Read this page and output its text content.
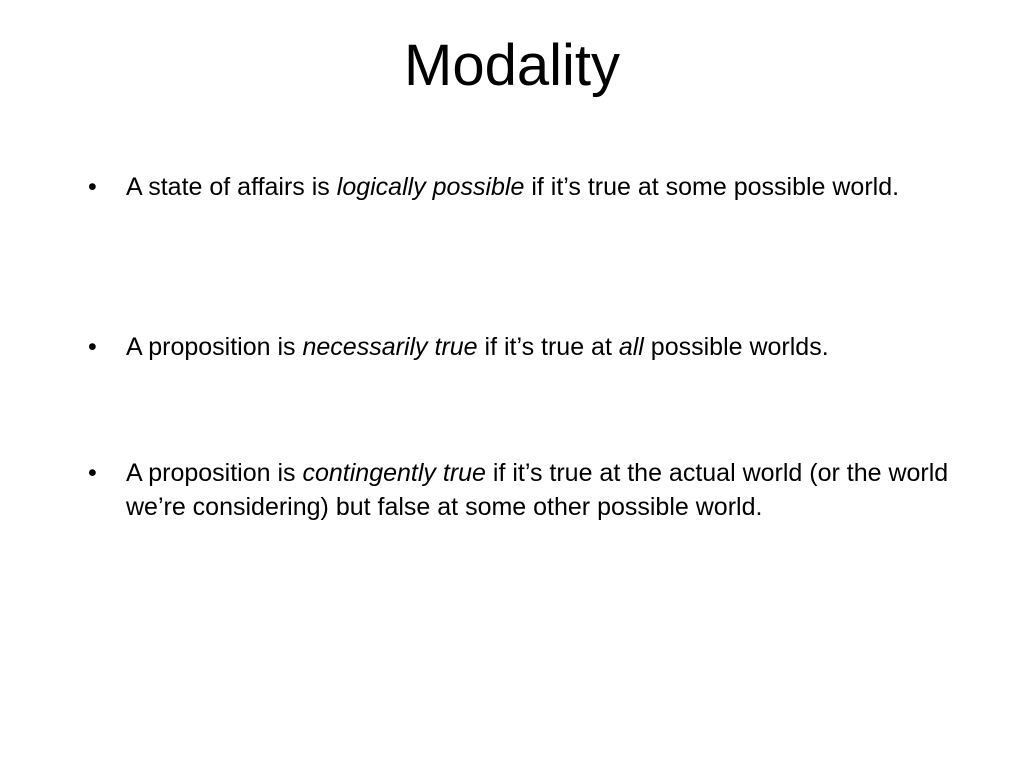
Modality
•	A state of affairs is logically possible if it’s true at some possible world.
•	A proposition is necessarily true if it’s true at all possible worlds.
•	A proposition is contingently true if it’s true at the actual world (or the world we’re considering) but false at some other possible world.
